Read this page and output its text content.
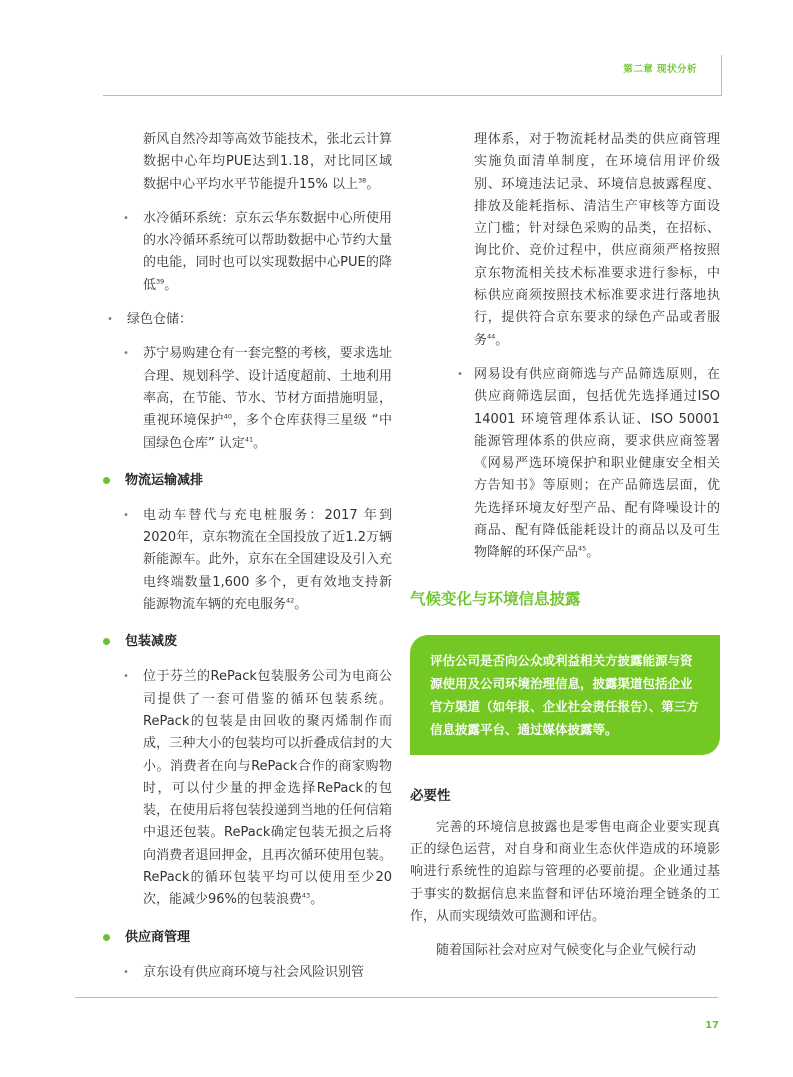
第二章 现状分析

新风自然冷却等高效节能技术，张北云计算数据中心年均PUE达到1.18，对比同区域数据中心平均水平节能提升15% 以上$^{38}$。

• 水冷循环系统：京东云华东数据中心所使用的水冷循环系统可以帮助数据中心节约大量的电能，同时也可以实现数据中心PUE的降低$^{39}$。

• 绿色仓储：

• 苏宁易购建仓有一套完整的考核，要求选址合理、规划科学、设计适度超前、土地利用率高，在节能、节水、节材方面措施明显，重视环境保护$^{40}$，多个仓库获得三星级 “中国绿色仓库” 认定$^{41}$。

物流运输减排

• 电动车替代与充电桩服务：2017 年到2020年，京东物流在全国投放了近1.2万辆新能源车。此外，京东在全国建设及引入充电终端数量1,600 多个，更有效地支持新能源物流车辆的充电服务$^{42}$。

包装减废

• 位于芬兰的RePack包装服务公司为电商公司提供了一套可借鉴的循环包装系统。RePack的包装是由回收的聚丙烯制作而成，三种大小的包装均可以折叠成信封的大小。消费者在向与RePack合作的商家购物时，可以付少量的押金选择RePack的包装，在使用后将包装投递到当地的任何信箱中退还包装。RePack确定包装无损之后将向消费者退回押金，且再次循环使用包装。RePack的循环包装平均可以使用至少20次，能减少96%的包装浪费$^{43}$。

供应商管理

• 京东设有供应商环境与社会风险识别管

理体系，对于物流耗材品类的供应商管理实施负面清单制度，在环境信用评价级别、环境违法记录、环境信息披露程度、排放及能耗指标、清洁生产审核等方面设立门槛；针对绿色采购的品类，在招标、询比价、竞价过程中，供应商须严格按照京东物流相关技术标准要求进行参标，中标供应商须按照技术标准要求进行落地执行，提供符合京东要求的绿色产品或者服务$^{44}$。

• 网易设有供应商筛选与产品筛选原则，在供应商筛选层面，包括优先选择通过ISO 14001 环境管理体系认证、ISO 50001 能源管理体系的供应商，要求供应商签署《网易严选环境保护和职业健康安全相关方告知书》等原则；在产品筛选层面，优先选择环境友好型产品、配有降噪设计的商品、配有降低能耗设计的商品以及可生物降解的环保产品$^{45}$。

气候变化与环境信息披露

评估公司是否向公众或利益相关方披露能源与资源使用及公司环境治理信息，披露渠道包括企业官方渠道（如年报、企业社会责任报告）、第三方信息披露平台、通过媒体披露等。

必要性

完善的环境信息披露也是零售电商企业要实现真正的绿色运营，对自身和商业生态伙伴造成的环境影响进行系统性的追踪与管理的必要前提。企业通过基于事实的数据信息来监督和评估环境治理全链条的工作，从而实现绩效可监测和评估。

随着国际社会对应对气候变化与企业气候行动

17
